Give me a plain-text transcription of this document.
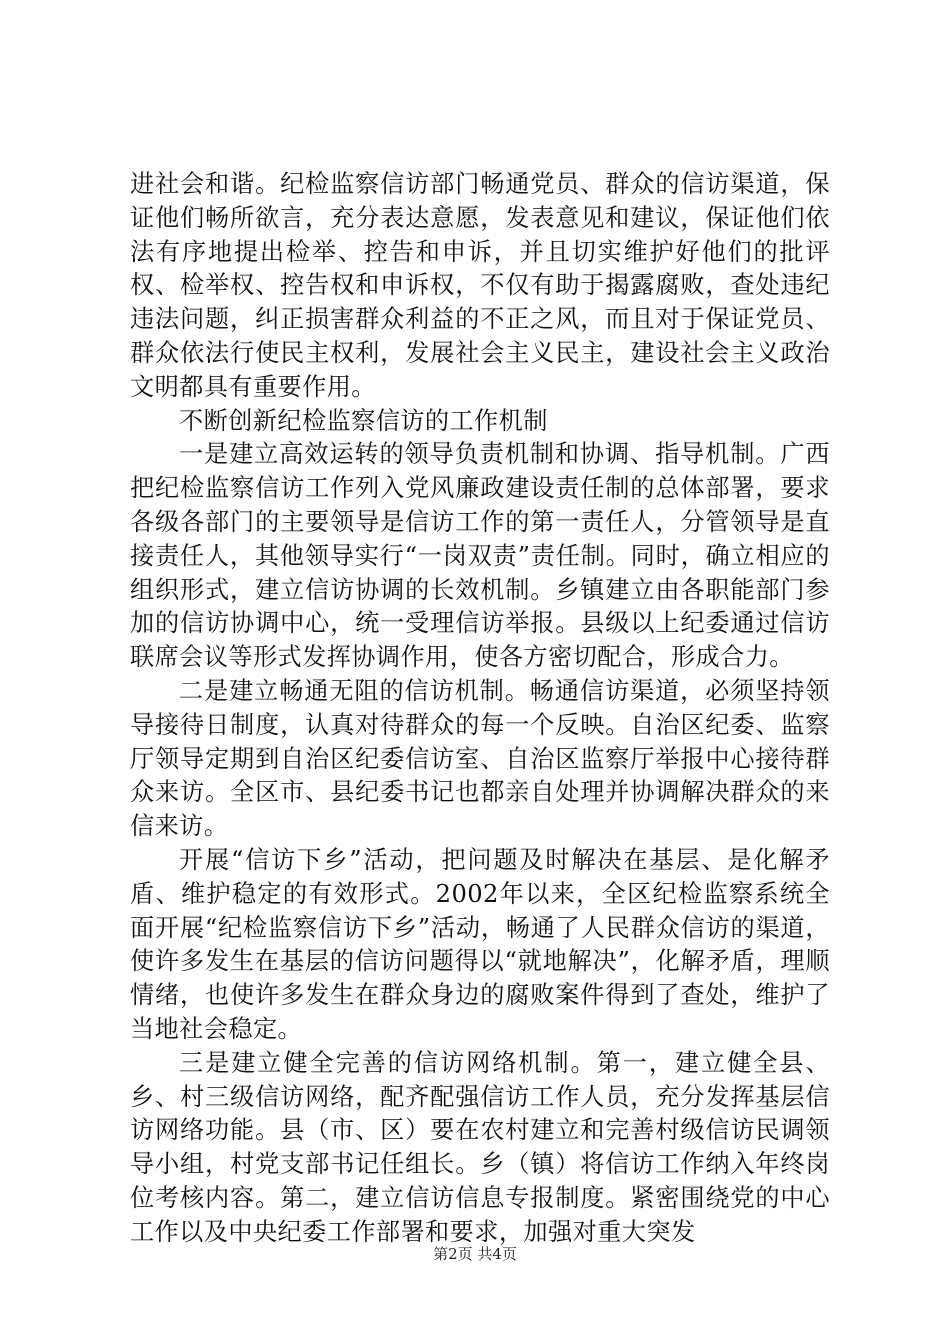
进社会和谐。纪检监察信访部门畅通党员、群众的信访渠道，保证他们畅所欲言，充分表达意愿，发表意见和建议，保证他们依法有序地提出检举、控告和申诉，并且切实维护好他们的批评权、检举权、控告权和申诉权，不仅有助于揭露腐败，查处违纪违法问题，纠正损害群众利益的不正之风，而且对于保证党员、群众依法行使民主权利，发展社会主义民主，建设社会主义政治文明都具有重要作用。

不断创新纪检监察信访的工作机制

一是建立高效运转的领导负责机制和协调、指导机制。广西把纪检监察信访工作列入党风廉政建设责任制的总体部署，要求各级各部门的主要领导是信访工作的第一责任人，分管领导是直接责任人，其他领导实行“一岗双责”责任制。同时，确立相应的组织形式，建立信访协调的长效机制。乡镇建立由各职能部门参加的信访协调中心，统一受理信访举报。县级以上纪委通过信访联席会议等形式发挥协调作用，使各方密切配合，形成合力。

二是建立畅通无阻的信访机制。畅通信访渠道，必须坚持领导接待日制度，认真对待群众的每一个反映。自治区纪委、监察厅领导定期到自治区纪委信访室、自治区监察厅举报中心接待群众来访。全区市、县纪委书记也都亲自处理并协调解决群众的来信来访。

开展“信访下乡”活动，把问题及时解决在基层、是化解矛盾、维护稳定的有效形式。2002年以来，全区纪检监察系统全面开展“纪检监察信访下乡”活动，畅通了人民群众信访的渠道，使许多发生在基层的信访问题得以“就地解决”，化解矛盾，理顺情绪，也使许多发生在群众身边的腐败案件得到了查处，维护了当地社会稳定。

三是建立健全完善的信访网络机制。第一，建立健全县、乡、村三级信访网络，配齐配强信访工作人员，充分发挥基层信访网络功能。县（市、区）要在农村建立和完善村级信访民调领导小组，村党支部书记任组长。乡（镇）将信访工作纳入年终岗位考核内容。第二，建立信访信息专报制度。紧密围绕党的中心工作以及中央纪委工作部署和要求，加强对重大突发

第2页 共4页
